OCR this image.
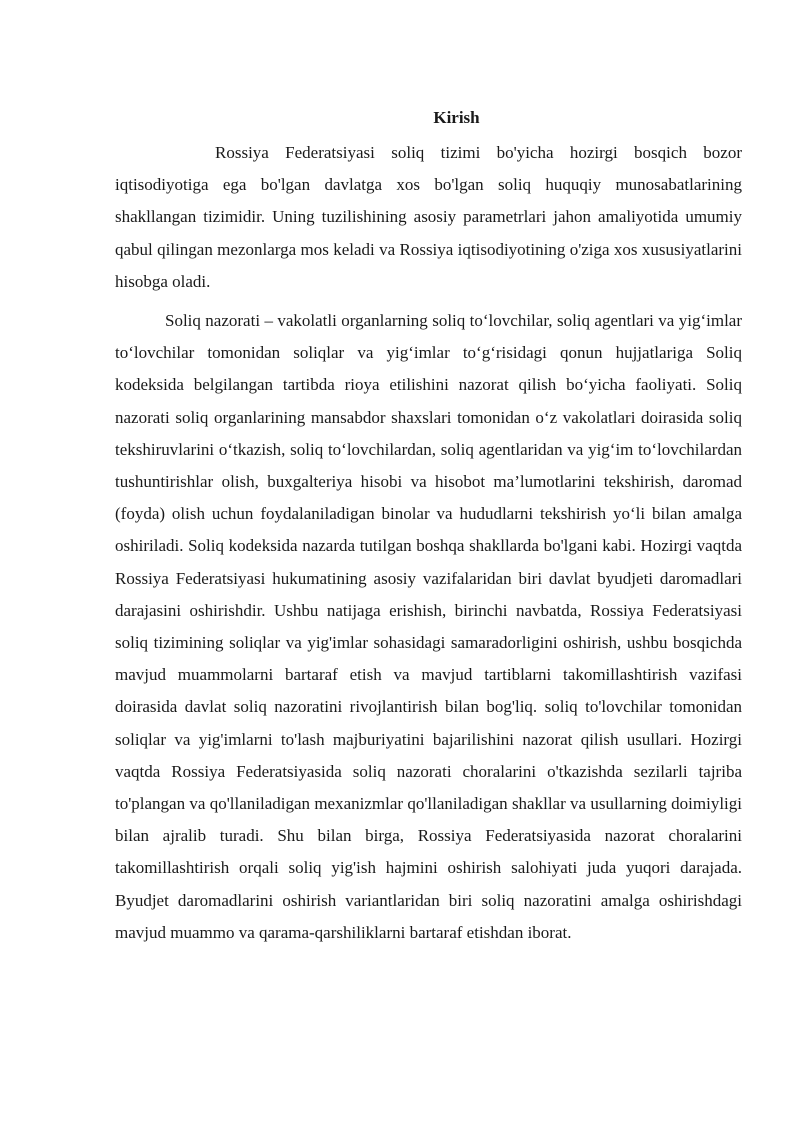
Kirish

Rossiya Federatsiyasi soliq tizimi bo'yicha hozirgi bosqich bozor iqtisodiyotiga ega bo'lgan davlatga xos bo'lgan soliq huquqiy munosabatlarining shakllangan tizimidir. Uning tuzilishining asosiy parametrlari jahon amaliyotida umumiy qabul qilingan mezonlarga mos keladi va Rossiya iqtisodiyotining o'ziga xos xususiyatlarini hisobga oladi.

Soliq nazorati – vakolatli organlarning soliq to‘lovchilar, soliq agentlari va yig‘imlar to‘lovchilar tomonidan soliqlar va yig‘imlar to‘g‘risidagi qonun hujjatlariga Soliq kodeksida belgilangan tartibda rioya etilishini nazorat qilish bo‘yicha faoliyati. Soliq nazorati soliq organlarining mansabdor shaxslari tomonidan o‘z vakolatlari doirasida soliq tekshiruvlarini o‘tkazish, soliq to‘lovchilardan, soliq agentlaridan va yig‘im to‘lovchilardan tushuntirishlar olish, buxgalteriya hisobi va hisobot ma’lumotlarini tekshirish, daromad (foyda) olish uchun foydalaniladigan binolar va hududlarni tekshirish yo‘li bilan amalga oshiriladi. Soliq kodeksida nazarda tutilgan boshqa shakllarda bo'lgani kabi. Hozirgi vaqtda Rossiya Federatsiyasi hukumatining asosiy vazifalaridan biri davlat byudjeti daromadlari darajasini oshirishdir. Ushbu natijaga erishish, birinchi navbatda, Rossiya Federatsiyasi soliq tizimining soliqlar va yig'imlar sohasidagi samaradorligini oshirish, ushbu bosqichda mavjud muammolarni bartaraf etish va mavjud tartiblarni takomillashtirish vazifasi doirasida davlat soliq nazoratini rivojlantirish bilan bog'liq. soliq to'lovchilar tomonidan soliqlar va yig'imlarni to'lash majburiyatini bajarilishini nazorat qilish usullari. Hozirgi vaqtda Rossiya Federatsiyasida soliq nazorati choralarini o'tkazishda sezilarli tajriba to'plangan va qo'llaniladigan mexanizmlar qo'llaniladigan shakllar va usullarning doimiyligi bilan ajralib turadi. Shu bilan birga, Rossiya Federatsiyasida nazorat choralarini takomillashtirish orqali soliq yig'ish hajmini oshirish salohiyati juda yuqori darajada. Byudjet daromadlarini oshirish variantlaridan biri soliq nazoratini amalga oshirishdagi mavjud muammo va qarama-qarshiliklarni bartaraf etishdan iborat.
